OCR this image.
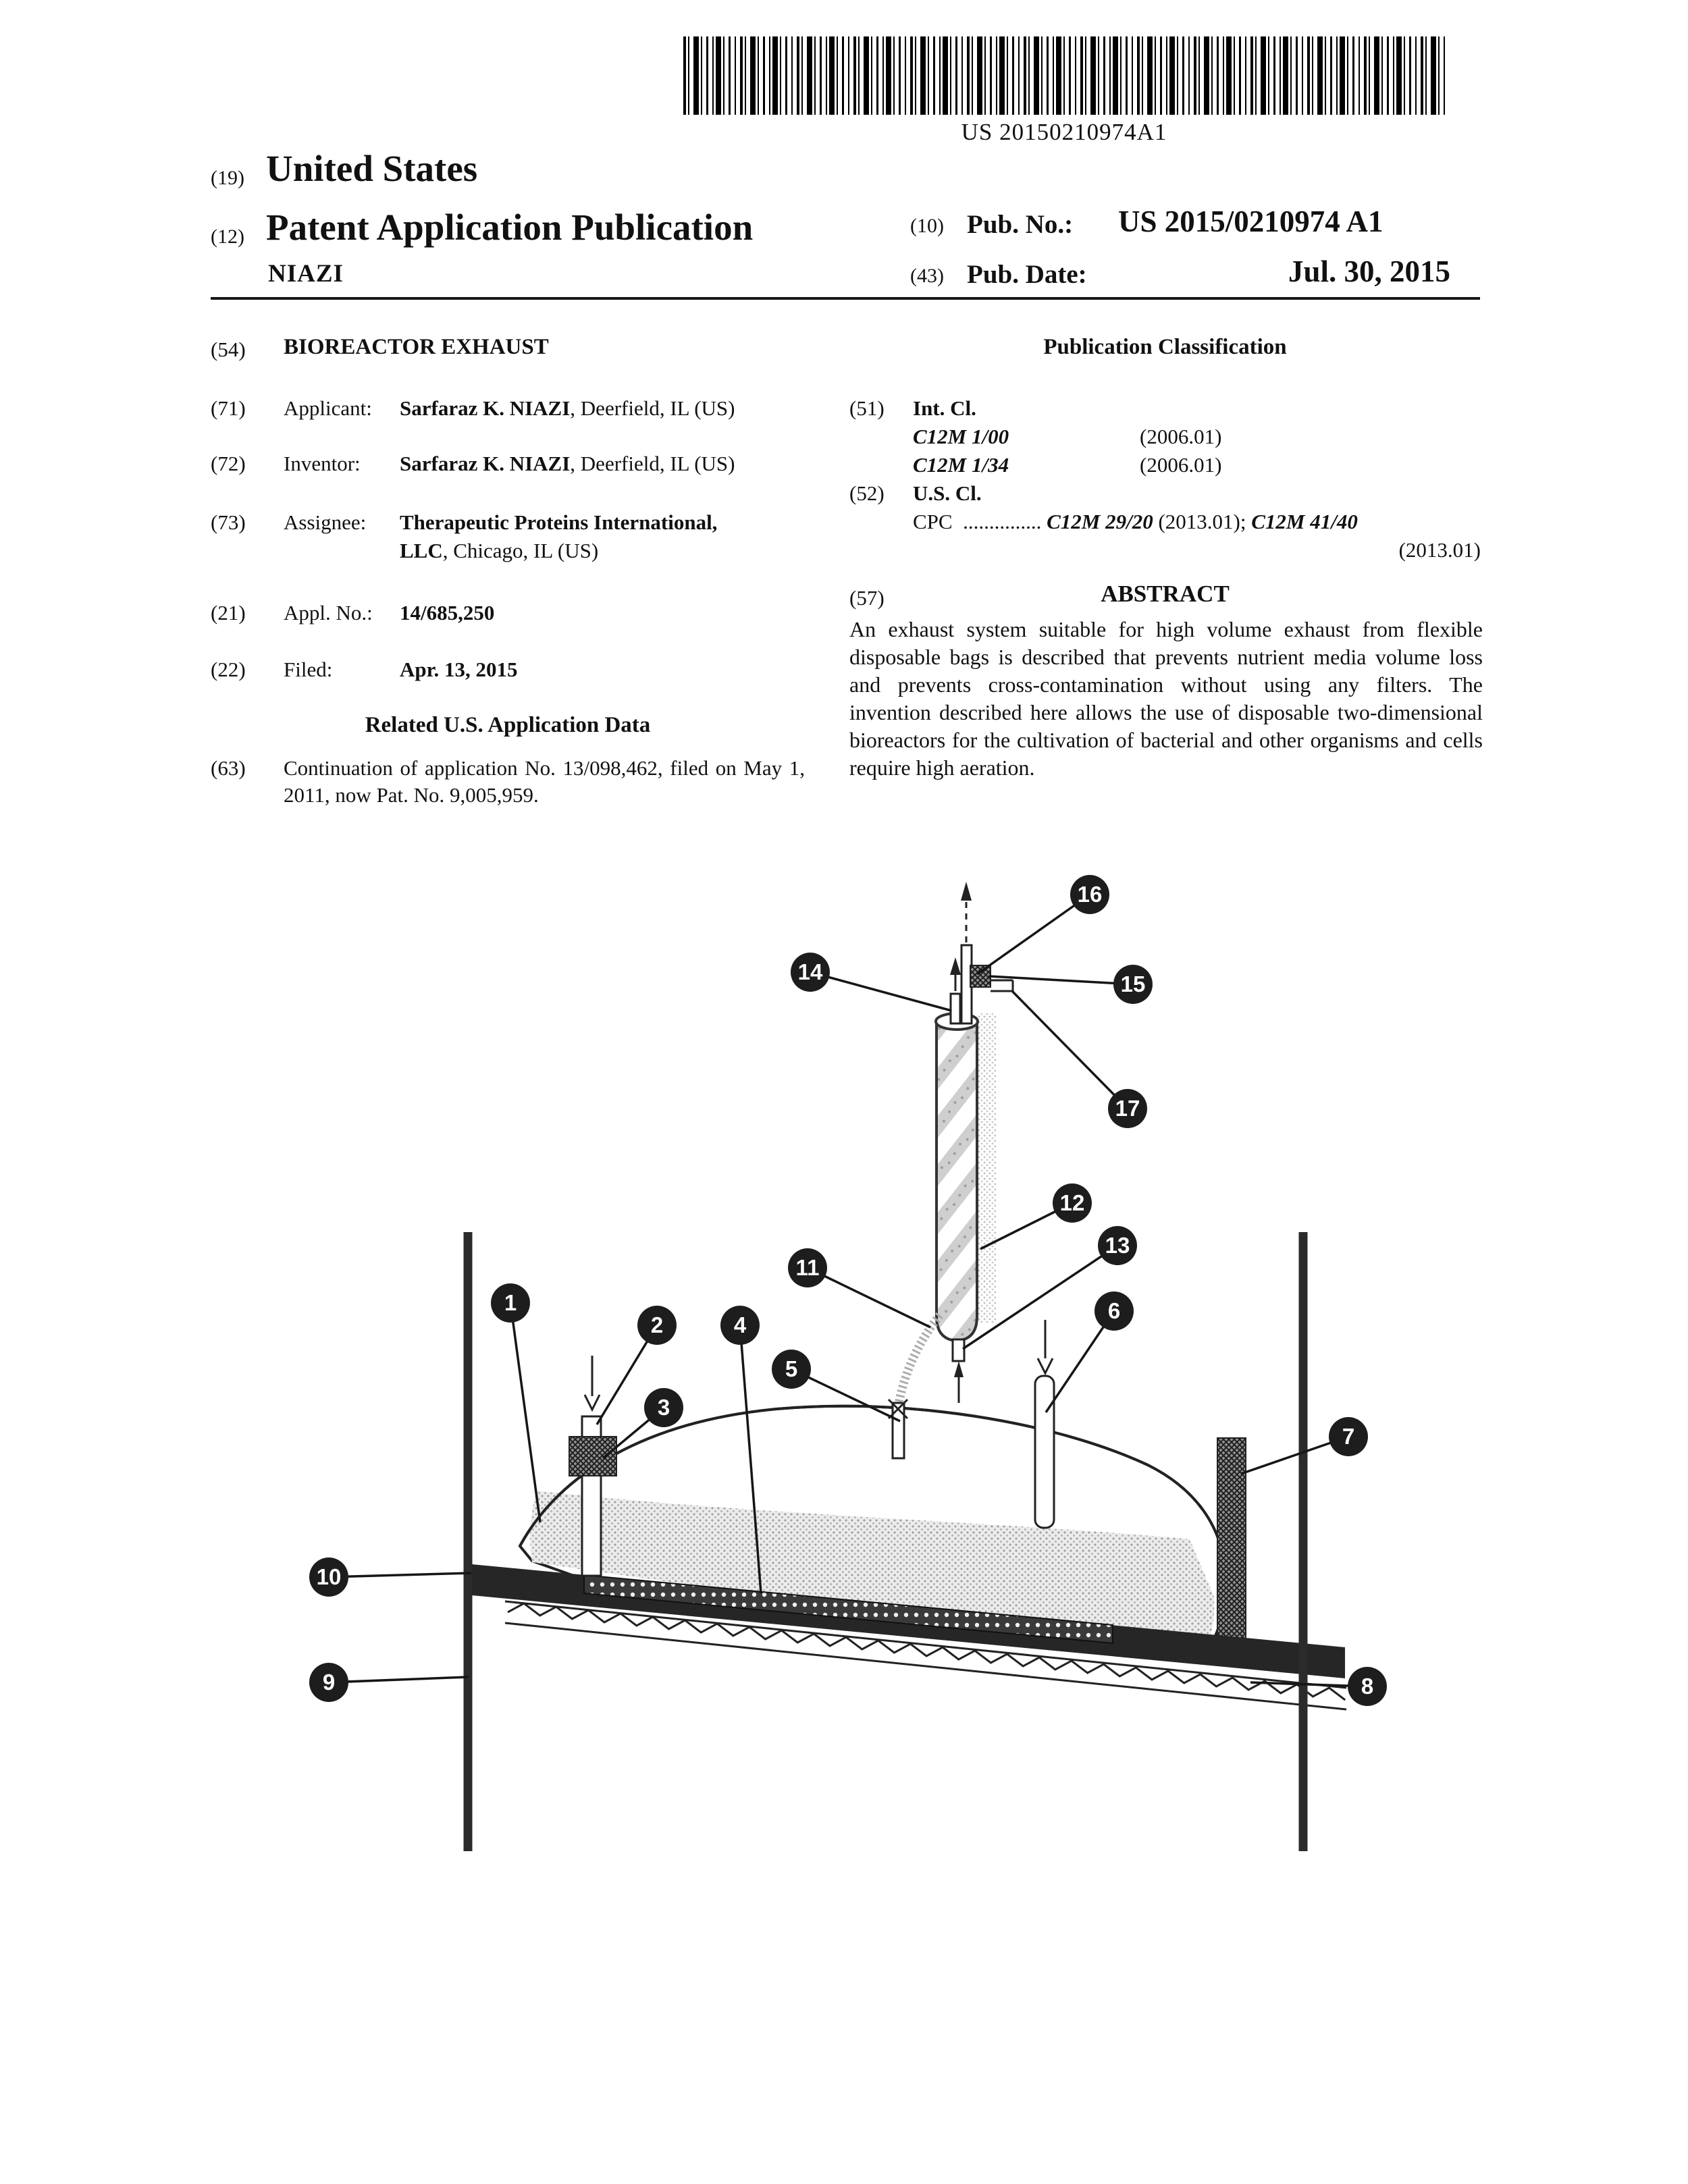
US 20150210974A1
(19) United States
(12) Patent Application Publication
NIAZI
(10) Pub. No.: US 2015/0210974 A1
(43) Pub. Date:	Jul. 30, 2015
(54) BIOREACTOR EXHAUST
(71) Applicant: Sarfaraz K. NIAZI, Deerfield, IL (US)
(72) Inventor: Sarfaraz K. NIAZI, Deerfield, IL (US)
(73) Assignee: Therapeutic Proteins International,
LLC, Chicago, IL (US)
(21) Appl. No.: 14/685,250
(22) Filed:	Apr. 13, 2015
Related U.S. Application Data
(63) Continuation of application No. 13/098,462, filed on May 1, 2011, now Pat. No. 9,005,959.
Publication Classification
(51) Int. Cl.
C12M 1/00	(2006.01)
C12M 1/34	(2006.01)
(52) U.S. Cl.
CPC ............... C12M 29/20 (2013.01); C12M 41/40
(2013.01)
(57)	ABSTRACT
An exhaust system suitable for high volume exhaust from flexible disposable bags is described that prevents nutrient media volume loss and prevents cross-contamination without using any filters. The invention described here allows the use of disposable two-dimensional bioreactors for the cultivation of bacterial and other organisms and cells require high aeration.
1
2
3
4
5
6
7
8
9
10
11
12
13
14	15
16
17
